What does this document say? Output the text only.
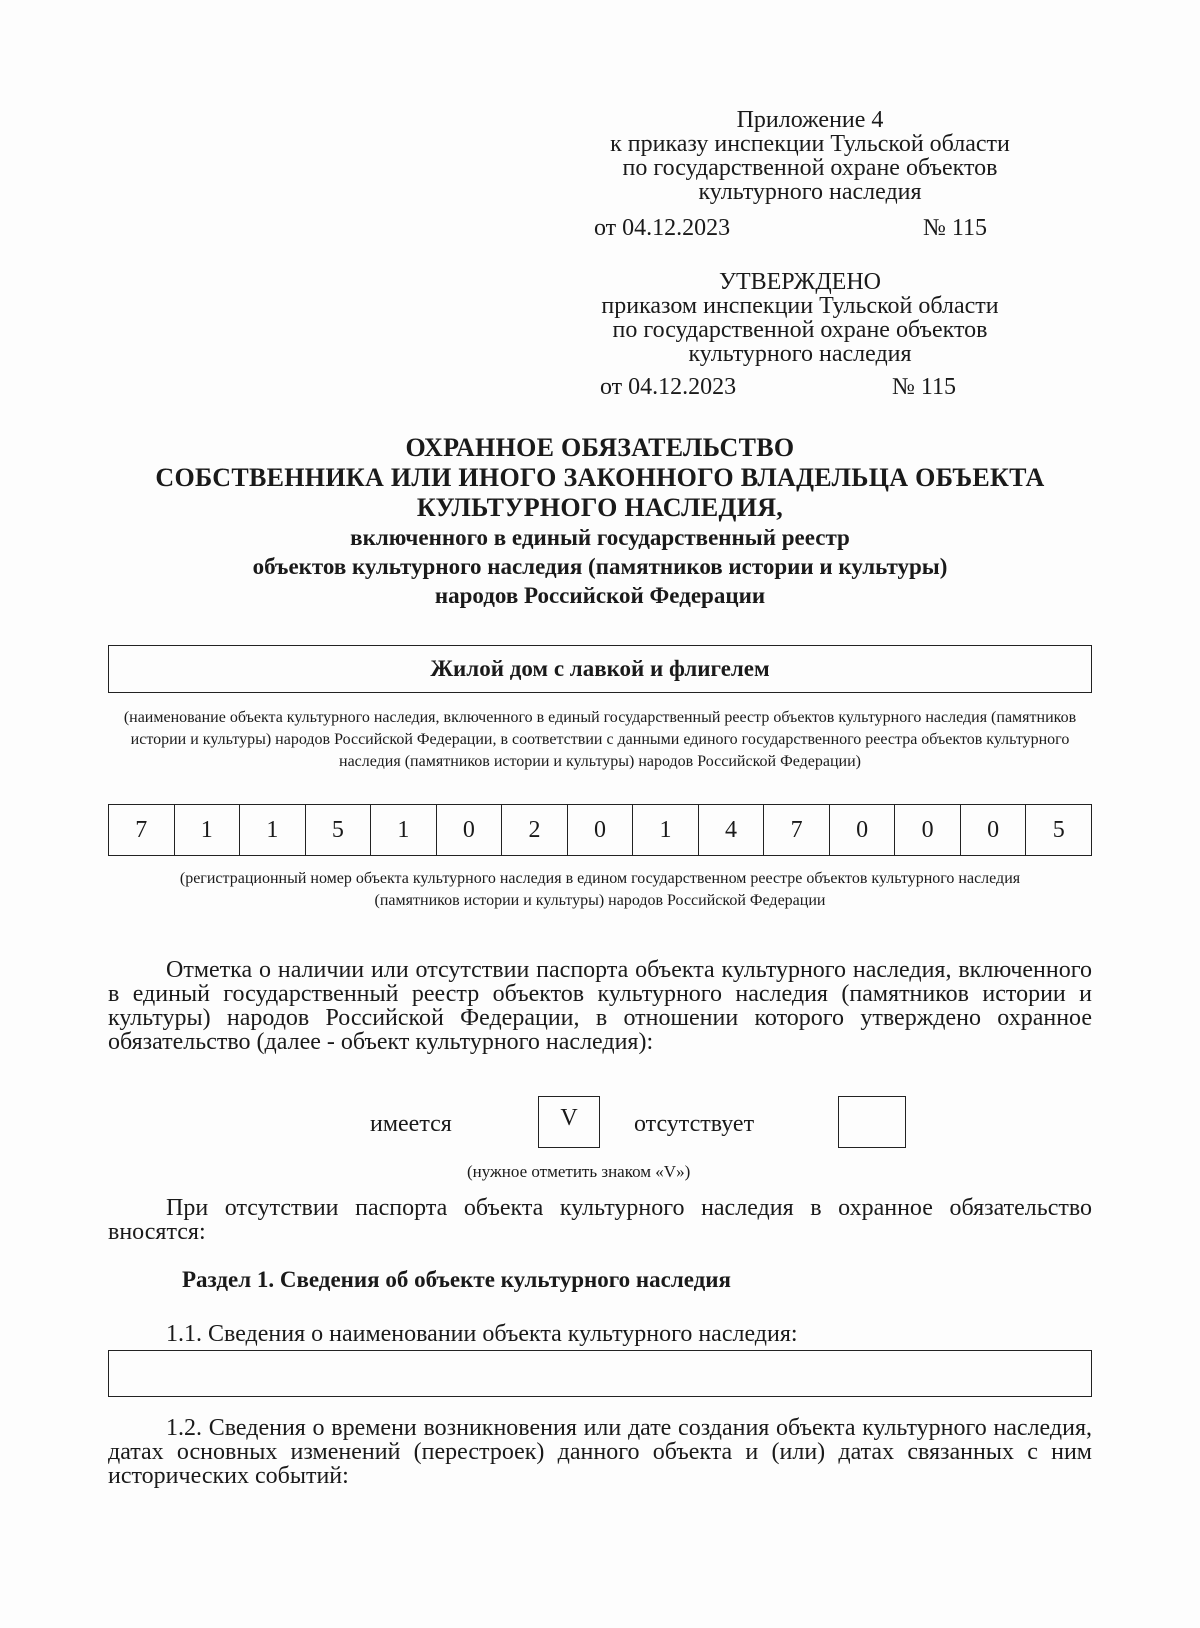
Приложение 4
к приказу инспекции Тульской области
по государственной охране объектов
культурного наследия
от 04.12.2023	№ 115
УТВЕРЖДЕНО
приказом инспекции Тульской области
по государственной охране объектов
культурного наследия
от 04.12.2023	№ 115
ОХРАННОЕ ОБЯЗАТЕЛЬСТВО
СОБСТВЕННИКА ИЛИ ИНОГО ЗАКОННОГО ВЛАДЕЛЬЦА ОБЪЕКТА
КУЛЬТУРНОГО НАСЛЕДИЯ,
включенного в единый государственный реестр
объектов культурного наследия (памятников истории и культуры)
народов Российской Федерации
Жилой дом с лавкой и флигелем
(наименование объекта культурного наследия, включенного в единый государственный реестр объектов культурного наследия (памятников истории и культуры) народов Российской Федерации, в соответствии с данными единого государственного реестра объектов культурного наследия (памятников истории и культуры) народов Российской Федерации)
7	1	1	5	1	0	2	0	1	4	7	0	0	0	5
(регистрационный номер объекта культурного наследия в едином государственном реестре объектов культурного наследия (памятников истории и культуры) народов Российской Федерации
Отметка о наличии или отсутствии паспорта объекта культурного наследия, включенного в единый государственный реестр объектов культурного наследия (памятников истории и культуры) народов Российской Федерации, в отношении которого утверждено охранное обязательство (далее - объект культурного наследия):
имеется	V отсутствует
(нужное отметить знаком «V»)
При отсутствии паспорта объекта культурного наследия в охранное обязательство вносятся:
Раздел 1. Сведения об объекте культурного наследия
1.1. Сведения о наименовании объекта культурного наследия:
1.2. Сведения о времени возникновения или дате создания объекта культурного наследия, датах основных изменений (перестроек) данного объекта и (или) датах связанных с ним исторических событий:
